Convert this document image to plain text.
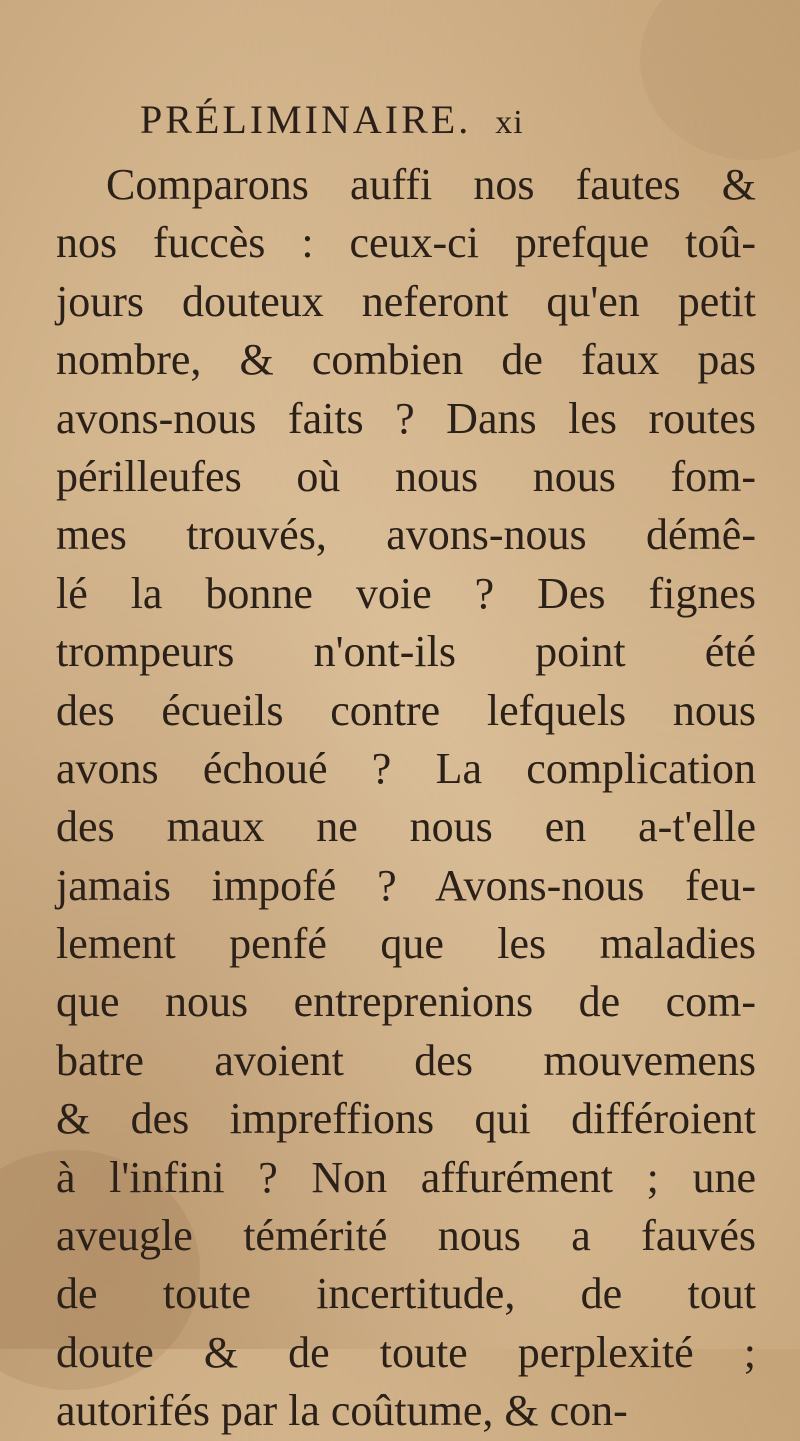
PRÉLIMINAIRE. xi
Comparons auffi nos fautes &
nos fuccès : ceux-ci prefque toû-
jours douteux neferont qu'en petit
nombre, & combien de faux pas
avons-nous faits ? Dans les routes
périlleufes où nous nous fom-
mes trouvés, avons-nous démê-
lé la bonne voie ? Des fignes
trompeurs n'ont-ils point été
des écueils contre lefquels nous
avons échoué ? La complication
des maux ne nous en a-t'elle
jamais impofé ? Avons-nous feu-
lement penfé que les maladies
que nous entreprenions de com-
batre avoient des mouvemens
& des impreffions qui différoient
à l'infini ? Non affurément ; une
aveugle témérité nous a fauvés
de toute incertitude, de tout
doute & de toute perplexité ;
autorifés par la coûtume, & con-
